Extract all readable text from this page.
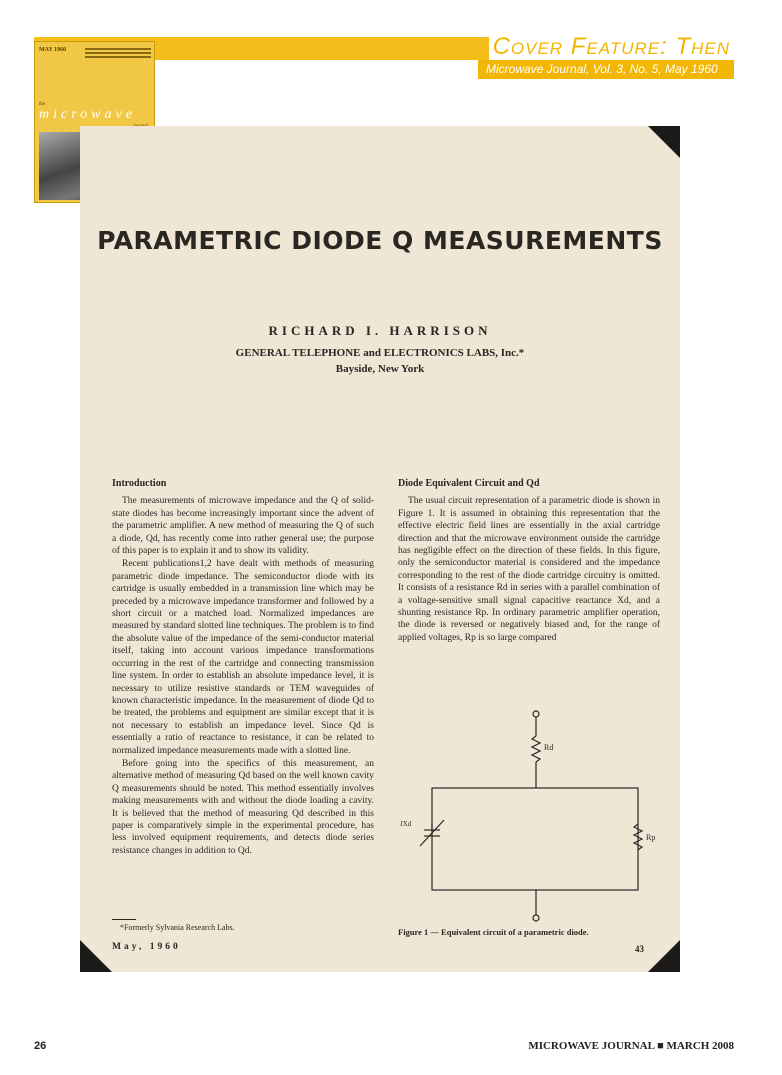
Cover Feature: Then
Microwave Journal, Vol. 3, No. 5, May 1960
MAY 1960
the
microwave
PARAMETRIC DIODE Q MEASUREMENTS
RICHARD I. HARRISON
GENERAL TELEPHONE and ELECTRONICS LABS, Inc.*
Bayside, New York
Introduction

The measurements of microwave impedance and the Q of solid-state diodes has become increasingly important since the advent of the parametric amplifier. A new method of measuring the Q of such a diode, Qd, has recently come into rather general use; the purpose of this paper is to explain it and to show its validity.

Recent publications1,2 have dealt with methods of measuring parametric diode impedance. The semiconductor diode with its cartridge is usually embedded in a transmission line which may be preceded by a microwave impedance transformer and followed by a short circuit or a matched load. Normalized impedances are measured by standard slotted line techniques. The problem is to find the absolute value of the impedance of the semi-conductor material itself, taking into account various impedance transformations occurring in the rest of the cartridge and connecting transmission line system. In order to establish an absolute impedance level, it is necessary to utilize resistive standards or TEM waveguides of known characteristic impedance. In the measurement of diode Qd to be treated, the problems and equipment are similar except that it is not necessary to establish an impedance level. Since Qd is essentially a ratio of reactance to resistance, it can be related to normalized impedance measurements made with a slotted line.

Before going into the specifics of this measurement, an alternative method of measuring Qd based on the well known cavity Q measurements should be noted. This method essentially involves making measurements with and without the diode loading a cavity. It is believed that the method of measuring Qd described in this paper is comparatively simple in the experimental procedure, has less involved equipment requirements, and detects diode series resistance changes in addition to Qd.

Diode Equivalent Circuit and Qd

The usual circuit representation of a parametric diode is shown in Figure 1. It is assumed in obtaining this representation that the effective electric field lines are essentially in the axial cartridge direction and that the microwave environment outside the cartridge has negligible effect on the direction of these fields. In this figure, only the semiconductor material is considered and the impedance corresponding to the rest of the diode cartridge circuitry is omitted. It consists of a resistance Rd in series with a parallel combination of a voltage-sensitive small signal capacitive reactance Xd, and a shunting resistance Rp. In ordinary parametric amplifier operation, the diode is reversed or negatively biased and, for the range of applied voltages, Rp is so large compared

Rd
Rp
JXd
Figure 1 — Equivalent circuit of a parametric diode.
*Formerly Sylvania Research Labs.
May, 1960	43
26	MICROWAVE JOURNAL ■ MARCH 2008
